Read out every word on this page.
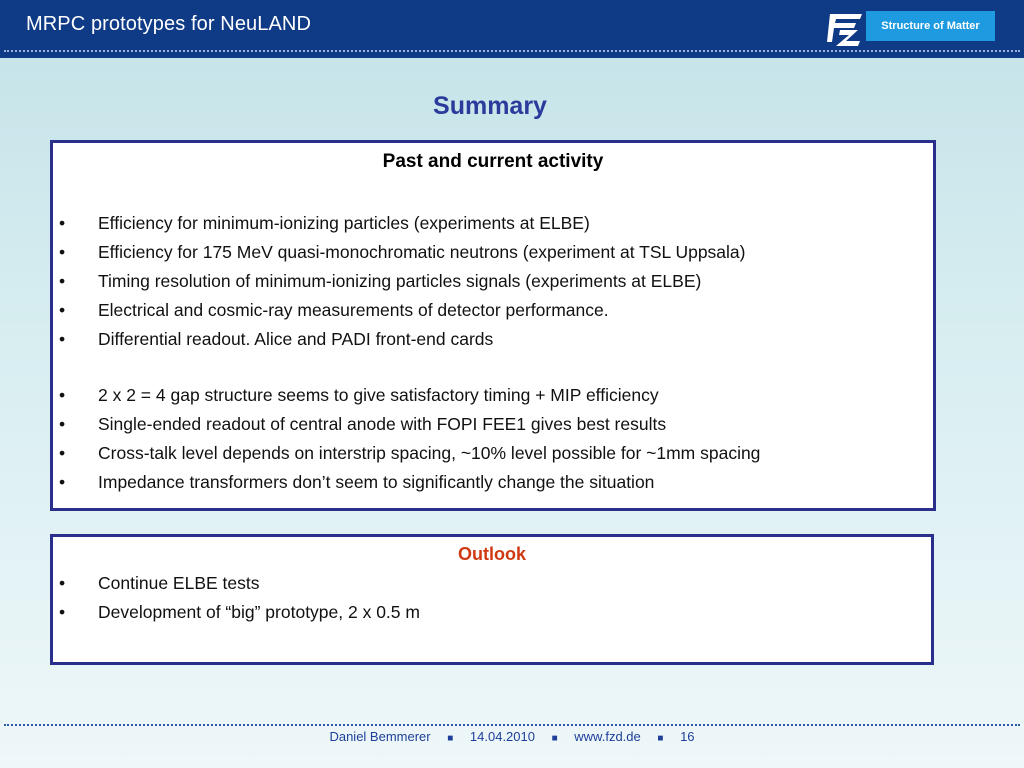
MRPC prototypes for NeuLAND	Structure of Matter
Summary
Past and current activity
• Efficiency for minimum-ionizing particles (experiments at ELBE)
• Efficiency for 175 MeV quasi-monochromatic neutrons (experiment at TSL Uppsala)
• Timing resolution of minimum-ionizing particles signals (experiments at ELBE)
• Electrical and cosmic-ray measurements of detector performance.
• Differential readout. Alice and PADI front-end cards
• 2 x 2 = 4 gap structure seems to give satisfactory timing + MIP efficiency
• Single-ended readout of central anode with FOPI FEE1 gives best results
• Cross-talk level depends on interstrip spacing, ~10% level possible for ~1mm spacing
• Impedance transformers don’t seem to significantly change the situation
Outlook
• Continue ELBE tests
• Development of “big” prototype, 2 x 0.5 m
Daniel Bemmerer ■ 14.04.2010 ■ www.fzd.de ■ 16
